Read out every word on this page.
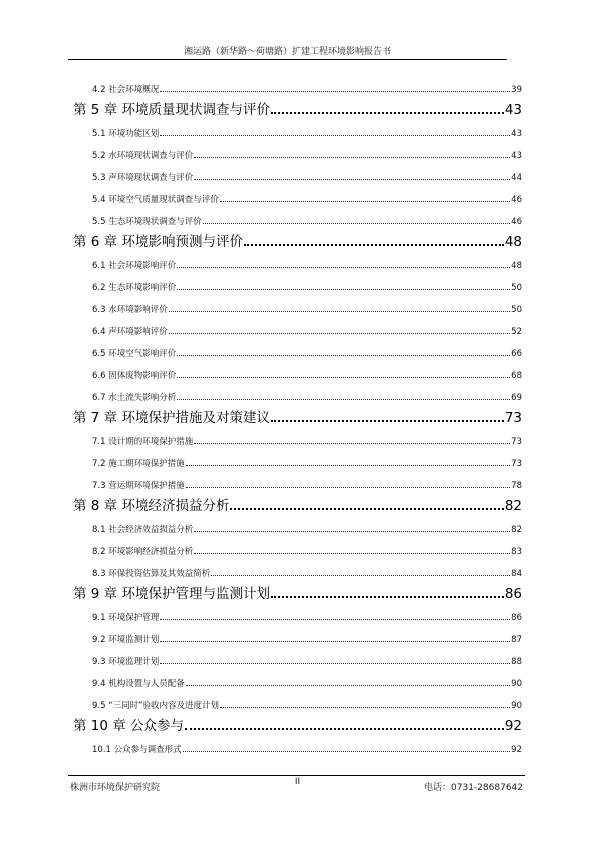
湘运路（新华路～荷塘路）扩建工程环境影响报告书
4.2 社会环境概况	39
第 5 章 环境质量现状调查与评价	43
5.1 环境功能区划	43
5.2 水环境现状调查与评价	43
5.3 声环境现状调查与评价	44
5.4 环境空气质量现状调查与评价	46
5.5 生态环境现状调查与评价	46
第 6 章 环境影响预测与评价	48
6.1 社会环境影响评价	48
6.2 生态环境影响评价	50
6.3 水环境影响评价	50
6.4 声环境影响评价	52
6.5 环境空气影响评价	66
6.6 固体废物影响评价	68
6.7 水土流失影响分析	69
第 7 章 环境保护措施及对策建议	73
7.1 设计期的环境保护措施	73
7.2 施工期环境保护措施	73
7.3 营运期环境保护措施	78
第 8 章 环境经济损益分析	82
8.1 社会经济效益损益分析	82
8.2 环境影响经济损益分析	83
8.3 环保投资估算及其效益简析	84
第 9 章 环境保护管理与监测计划	86
9.1 环境保护管理	86
9.2 环境监测计划	87
9.3 环境监理计划	88
9.4 机构设置与人员配备	90
9.5 “三同时”验收内容及进度计划	90
第 10 章 公众参与	92
10.1 公众参与调查形式	92
株洲市环境保护研究院
II
电话：0731-28687642
